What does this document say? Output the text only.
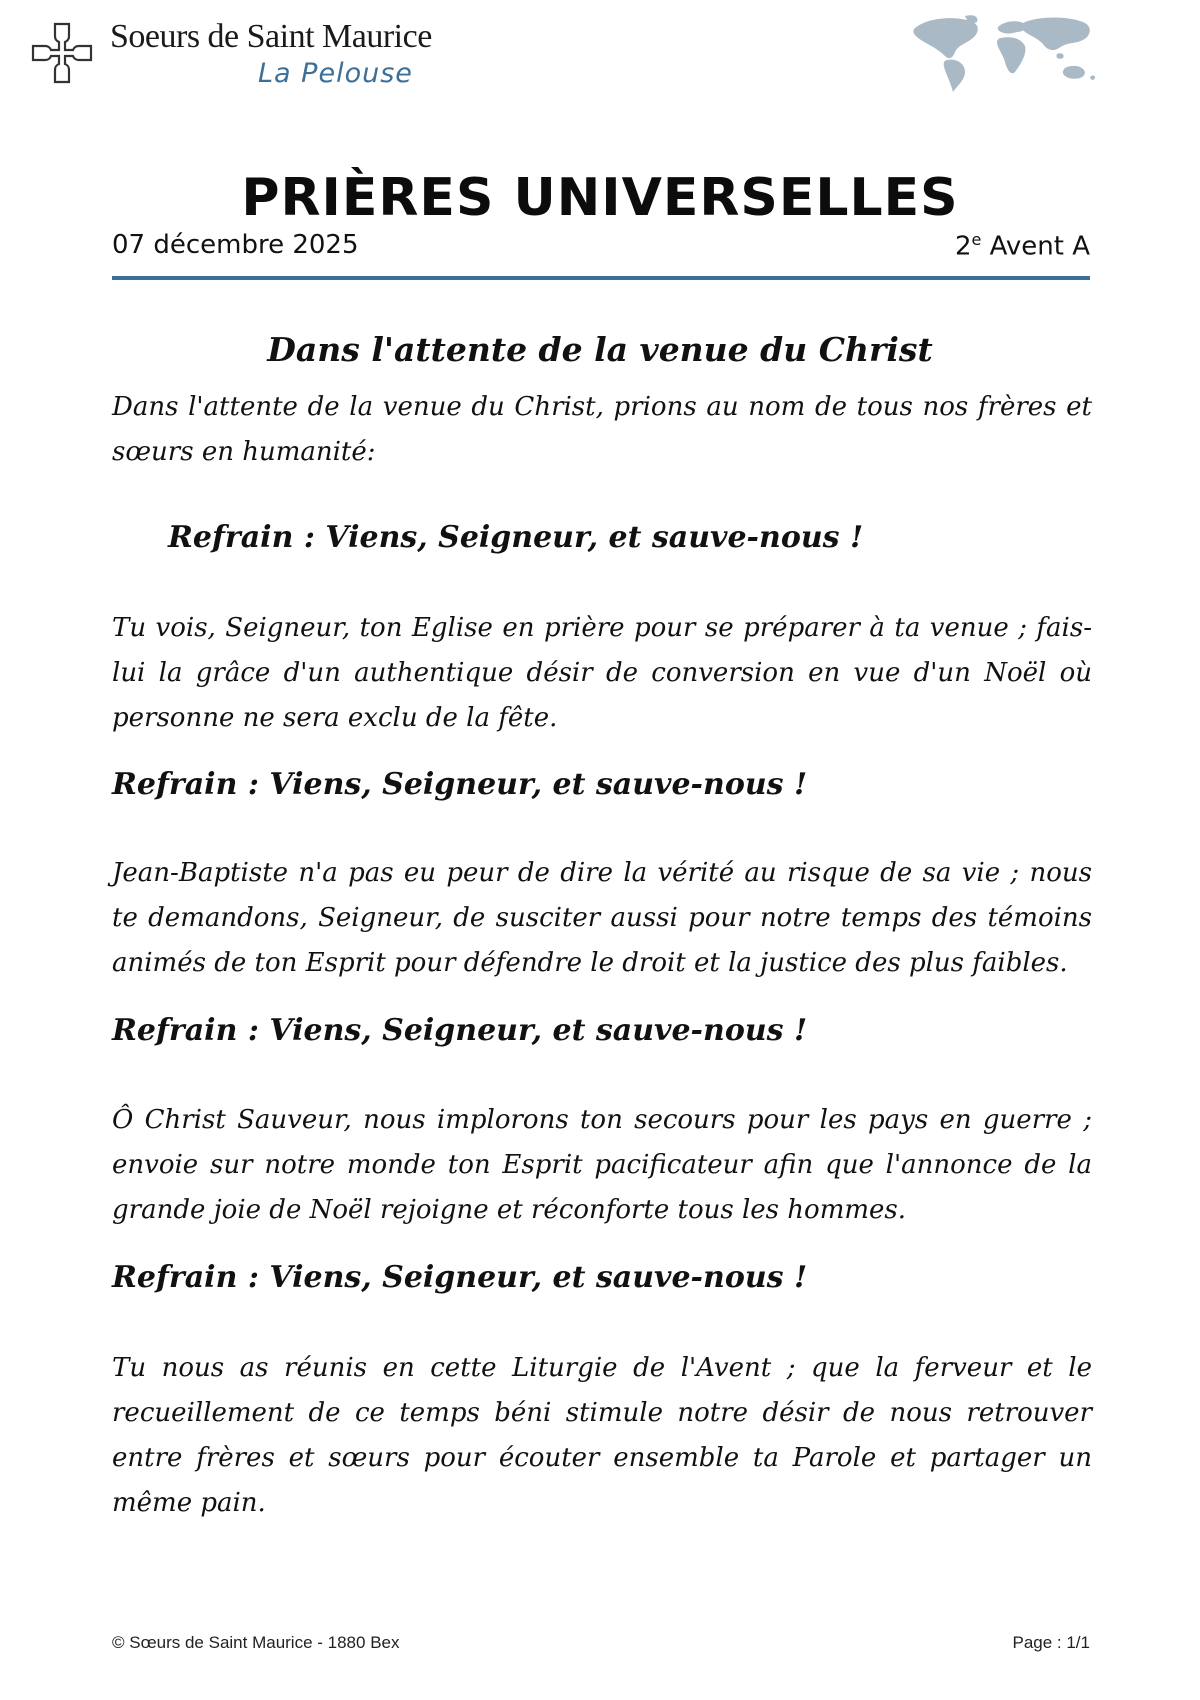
Soeurs de Saint Maurice
La Pelouse
PRIÈRES UNIVERSELLES
07 décembre 2025	2e Avent A
Dans l'attente de la venue du Christ
Dans l'attente de la venue du Christ, prions au nom de tous nos frères et sœurs en humanité:
Refrain : Viens, Seigneur, et sauve-nous !
Tu vois, Seigneur, ton Eglise en prière pour se préparer à ta venue ; fais-lui la grâce d'un authentique désir de conversion en vue d'un Noël où personne ne sera exclu de la fête.
Refrain : Viens, Seigneur, et sauve-nous !
Jean-Baptiste n'a pas eu peur de dire la vérité au risque de sa vie ; nous te demandons, Seigneur, de susciter aussi pour notre temps des témoins animés de ton Esprit pour défendre le droit et la justice des plus faibles.
Refrain : Viens, Seigneur, et sauve-nous !
Ô Christ Sauveur, nous implorons ton secours pour les pays en guerre ; envoie sur notre monde ton Esprit pacificateur afin que l'annonce de la grande joie de Noël rejoigne et réconforte tous les hommes.
Refrain : Viens, Seigneur, et sauve-nous !
Tu nous as réunis en cette Liturgie de l'Avent ; que la ferveur et le recueillement de ce temps béni stimule notre désir de nous retrouver entre frères et sœurs pour écouter ensemble ta Parole et partager un même pain.
© Sœurs de Saint Maurice - 1880 Bex	Page : 1/1
